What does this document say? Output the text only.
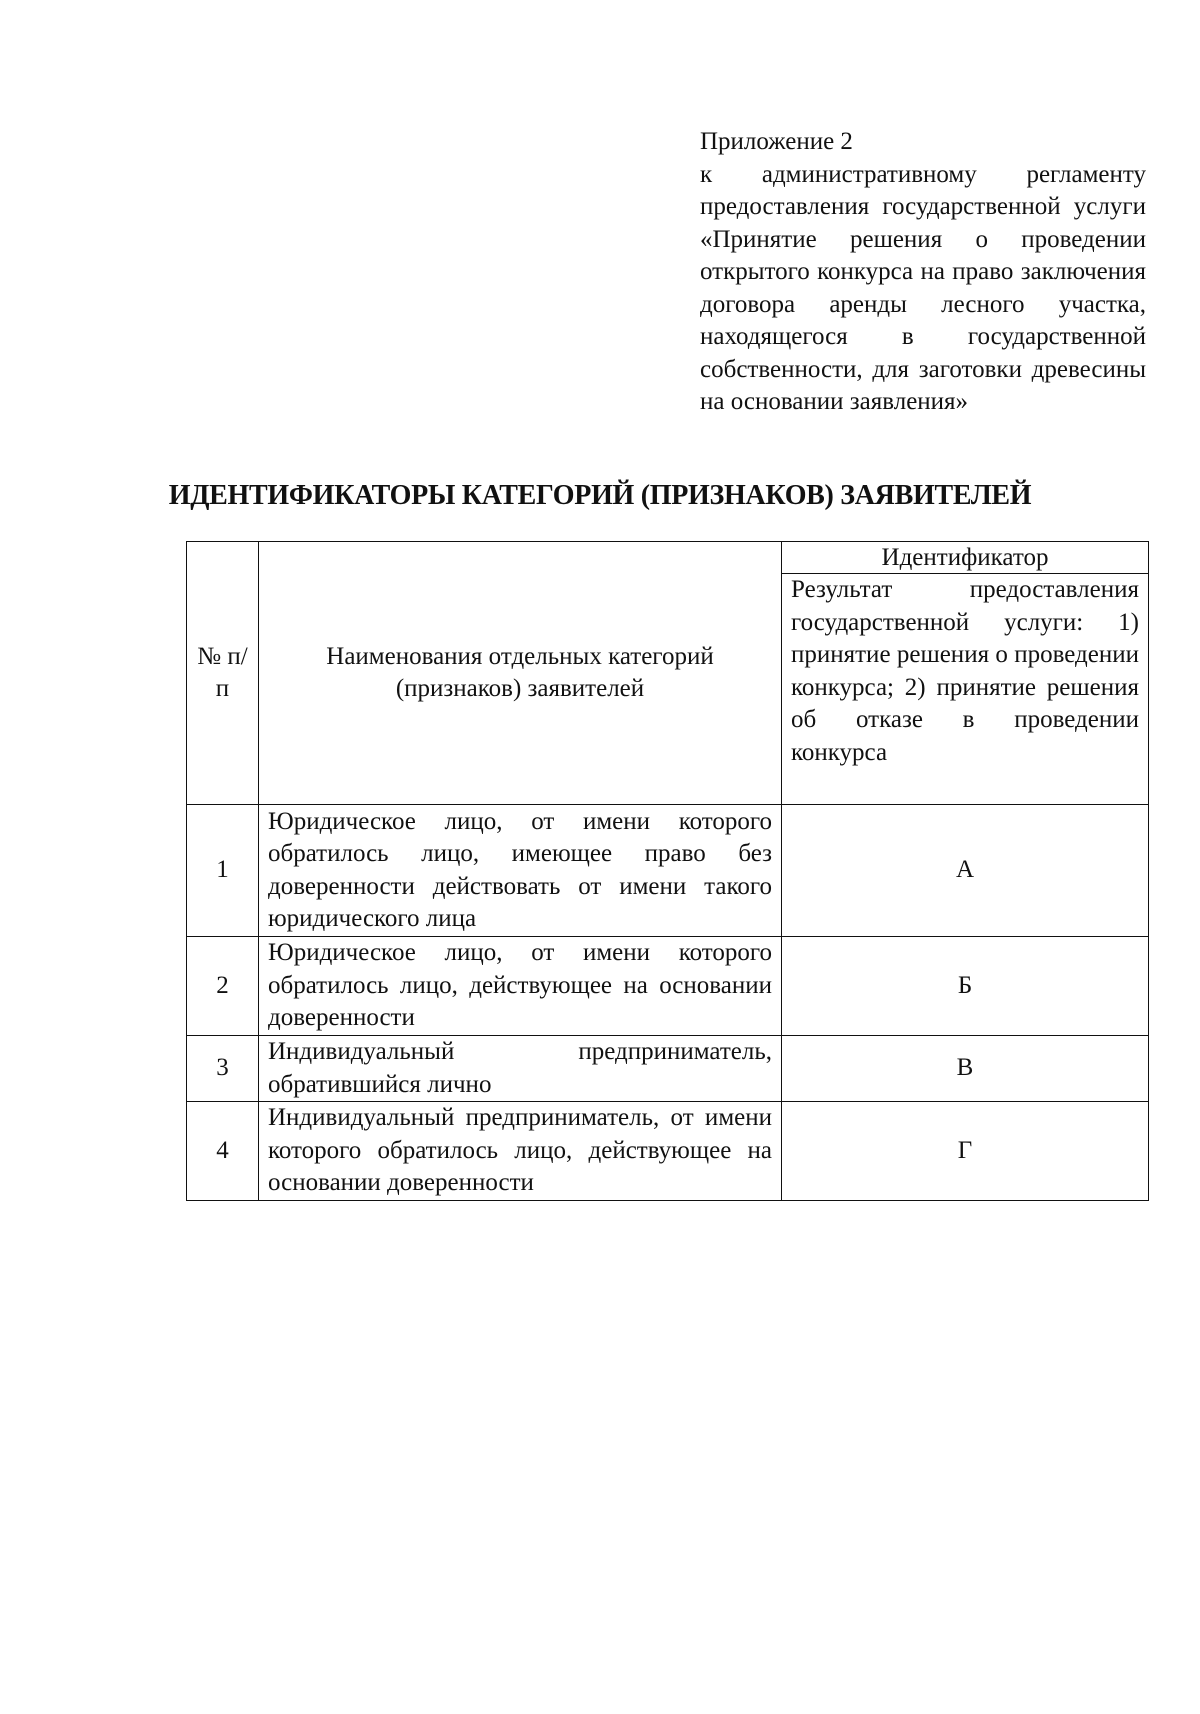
Приложение 2
к административному регламенту предоставления государственной услуги «Принятие решения о проведении открытого конкурса на право заключения договора аренды лесного участка, находящегося в государственной собственности, для заготовки древесины на основании заявления»
ИДЕНТИФИКАТОРЫ КАТЕГОРИЙ (ПРИЗНАКОВ) ЗАЯВИТЕЛЕЙ
№ п/п	Наименования отдельных категорий (признаков) заявителей	Идентификатор
Результат предоставления государственной услуги: 1) принятие решения о проведении конкурса; 2) принятие решения об отказе в проведении конкурса

1	Юридическое лицо, от имени которого обратилось лицо, имеющее право без доверенности действовать от имени такого юридического лица	А
2	Юридическое лицо, от имени которого обратилось лицо, действующее на основании доверенности	Б
3	Индивидуальный предприниматель, обратившийся лично	В
4	Индивидуальный предприниматель, от имени которого обратилось лицо, действующее на основании доверенности	Г
